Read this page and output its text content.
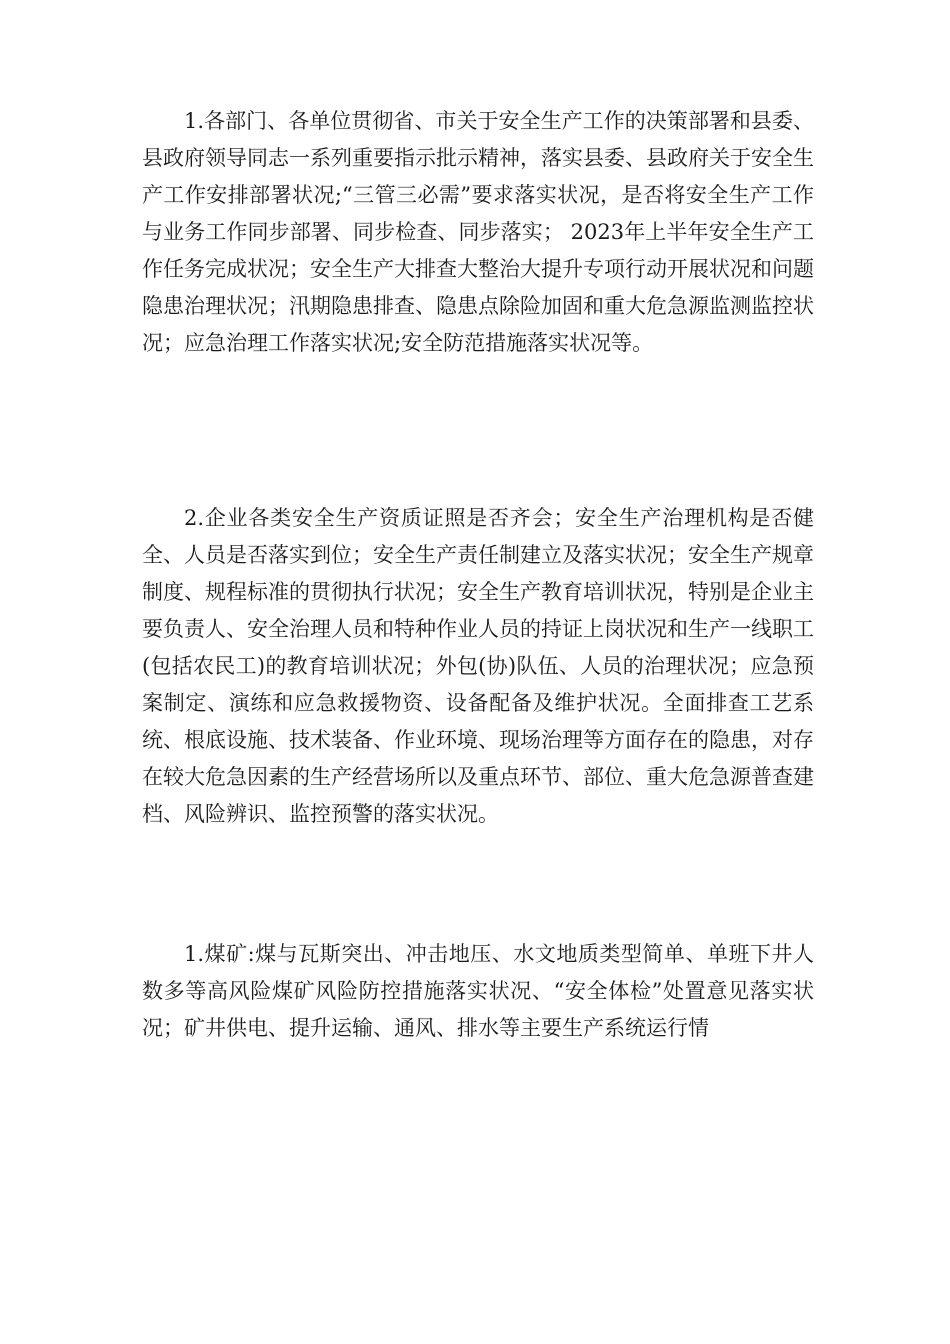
1.各部门、各单位贯彻省、市关于安全生产工作的决策部署和县委、县政府领导同志一系列重要指示批示精神，落实县委、县政府关于安全生产工作安排部署状况;“三管三必需”要求落实状况，是否将安全生产工作与业务工作同步部署、同步检查、同步落实； 2023年上半年安全生产工作任务完成状况；安全生产大排查大整治大提升专项行动开展状况和问题隐患治理状况；汛期隐患排查、隐患点除险加固和重大危急源监测监控状况；应急治理工作落实状况;安全防范措施落实状况等。

2.企业各类安全生产资质证照是否齐会；安全生产治理机构是否健全、人员是否落实到位；安全生产责任制建立及落实状况；安全生产规章制度、规程标准的贯彻执行状况；安全生产教育培训状况，特别是企业主要负责人、安全治理人员和特种作业人员的持证上岗状况和生产一线职工(包括农民工)的教育培训状况；外包(协)队伍、人员的治理状况；应急预案制定、演练和应急救援物资、设备配备及维护状况。全面排查工艺系统、根底设施、技术装备、作业环境、现场治理等方面存在的隐患，对存在较大危急因素的生产经营场所以及重点环节、部位、重大危急源普查建档、风险辨识、监控预警的落实状况。

1.煤矿:煤与瓦斯突出、冲击地压、水文地质类型简单、单班下井人数多等高风险煤矿风险防控措施落实状况、“安全体检”处置意见落实状况；矿井供电、提升运输、通风、排水等主要生产系统运行情
